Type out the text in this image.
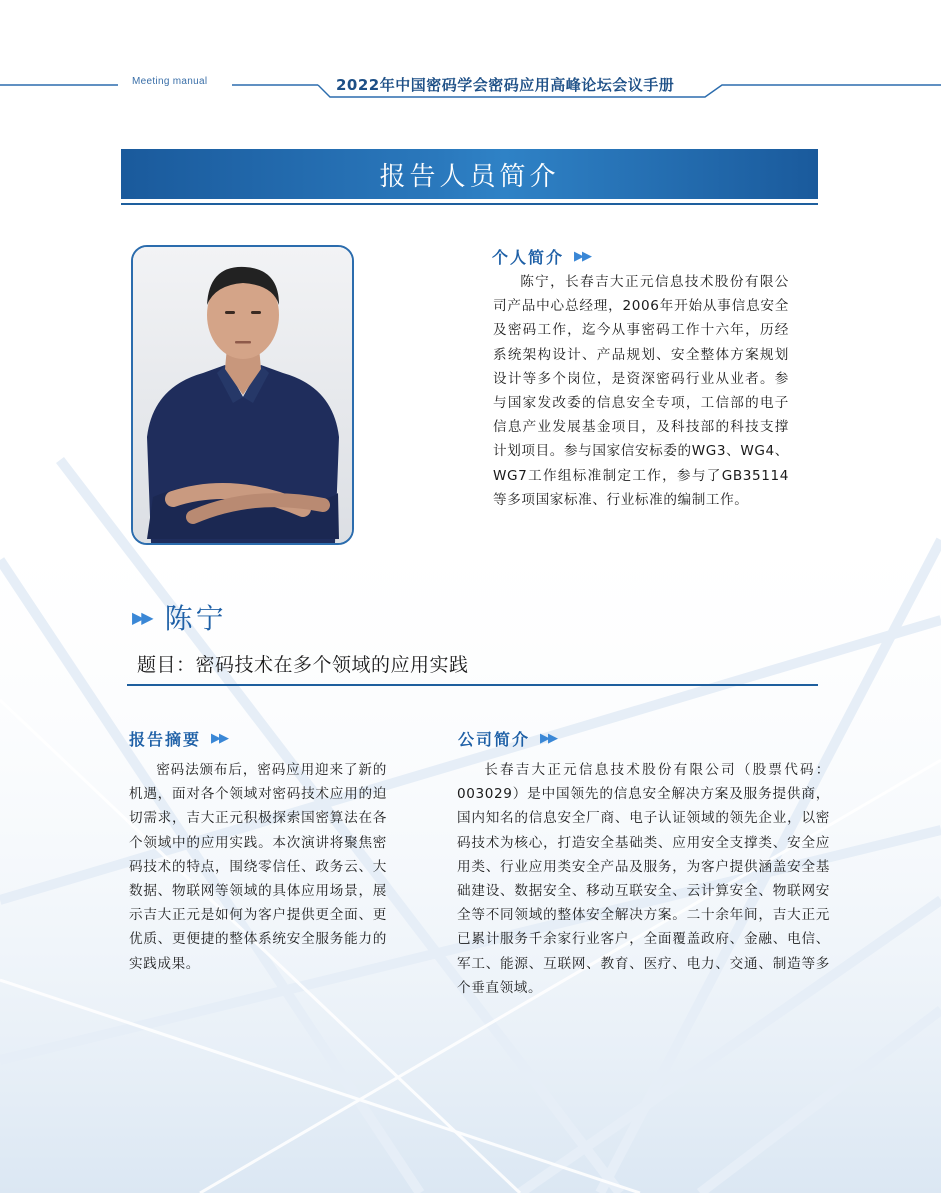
Meeting manual	2022年中国密码学会密码应用高峰论坛会议手册
报告人员简介
个人简介 ▶▶
陈宁，长春吉大正元信息技术股份有限公司产品中心总经理，2006年开始从事信息安全及密码工作，迄今从事密码工作十六年，历经系统架构设计、产品规划、安全整体方案规划设计等多个岗位，是资深密码行业从业者。参与国家发改委的信息安全专项，工信部的电子信息产业发展基金项目，及科技部的科技支撑计划项目。参与国家信安标委的WG3、WG4、WG7工作组标准制定工作，参与了GB35114等多项国家标准、行业标准的编制工作。
▶▶ 陈宁
题目：密码技术在多个领域的应用实践
报告摘要 ▶▶
密码法颁布后，密码应用迎来了新的机遇，面对各个领域对密码技术应用的迫切需求，吉大正元积极探索国密算法在各个领域中的应用实践。本次演讲将聚焦密码技术的特点，围绕零信任、政务云、大数据、物联网等领域的具体应用场景，展示吉大正元是如何为客户提供更全面、更优质、更便捷的整体系统安全服务能力的实践成果。
公司简介 ▶▶
长春吉大正元信息技术股份有限公司（股票代码：003029）是中国领先的信息安全解决方案及服务提供商，国内知名的信息安全厂商、电子认证领域的领先企业，以密码技术为核心，打造安全基础类、应用安全支撑类、安全应用类、行业应用类安全产品及服务，为客户提供涵盖安全基础建设、数据安全、移动互联安全、云计算安全、物联网安全等不同领域的整体安全解决方案。二十余年间，吉大正元已累计服务千余家行业客户，全面覆盖政府、金融、电信、军工、能源、互联网、教育、医疗、电力、交通、制造等多个垂直领域。
